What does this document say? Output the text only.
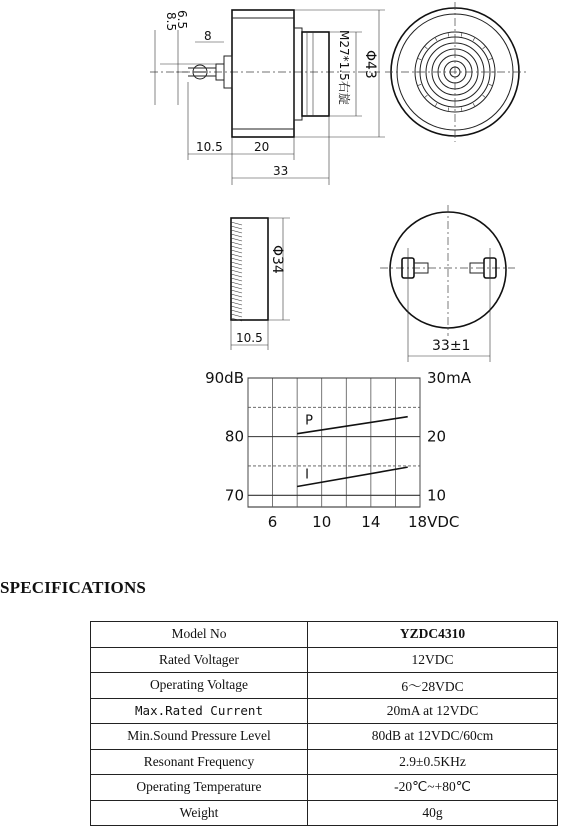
8.5
6.5
8
10.5	20
33
M27*1.5右旋 Φ43
Φ34
10.5	33±1
P
I
90dB
80
70
30mA
20
10
6 10 14 18VDC
SPECIFICATIONS
Model No	YZDC4310
Rated Voltager	12VDC
Operating Voltage	6～28VDC
Max.Rated Current	20mA at 12VDC
Min.Sound Pressure Level	80dB at 12VDC/60cm
Resonant Frequency	2.9±0.5KHz
Operating Temperature	-20℃~+80℃
Weight	40g
